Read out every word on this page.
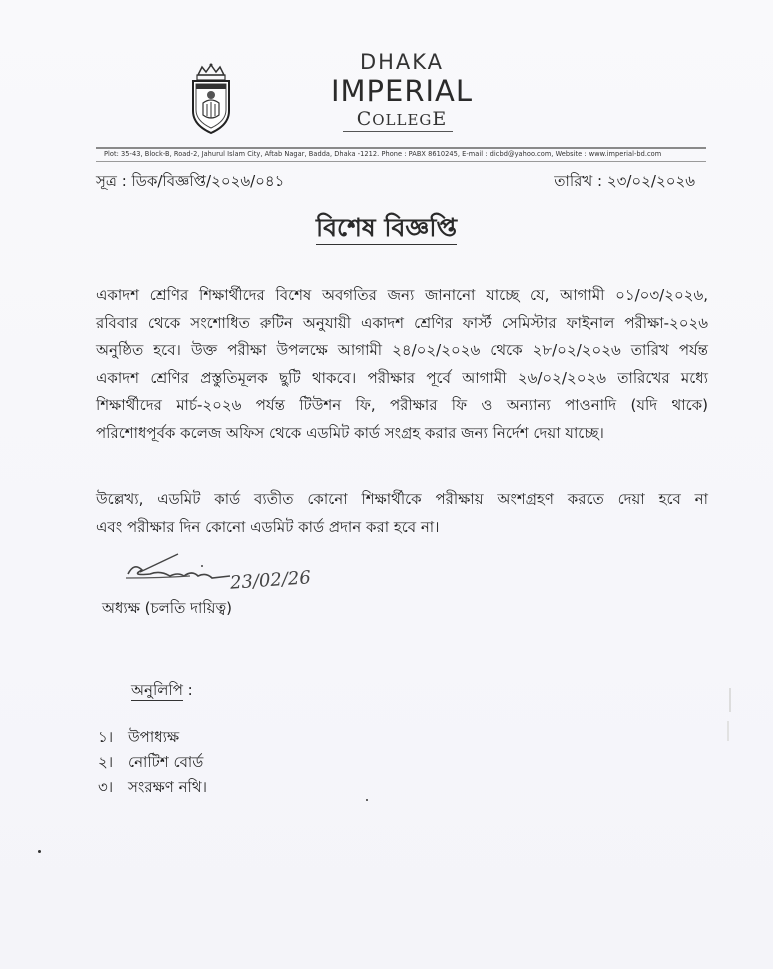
DHAKA
IMPERIAL
COLLEGE
Plot: 35-43, Block-B, Road-2, Jahurul Islam City, Aftab Nagar, Badda, Dhaka -1212. Phone : PABX 8610245, E-mail : dicbd@yahoo.com, Website : www.imperial-bd.com
সূত্র : ডিক/বিজ্ঞপ্তি/২০২৬/০৪১	তারিখ : ২৩/০২/২০২৬
বিশেষ বিজ্ঞপ্তি
একাদশ শ্রেণির শিক্ষার্থীদের বিশেষ অবগতির জন্য জানানো যাচ্ছে যে, আগামী ০১/০৩/২০২৬,
রবিবার থেকে সংশোধিত রুটিন অনুযায়ী একাদশ শ্রেণির ফার্স্ট সেমিস্টার ফাইনাল পরীক্ষা-২০২৬
অনুষ্ঠিত হবে। উক্ত পরীক্ষা উপলক্ষে আগামী ২৪/০২/২০২৬ থেকে ২৮/০২/২০২৬ তারিখ পর্যন্ত
একাদশ শ্রেণির প্রস্তুতিমূলক ছুটি থাকবে। পরীক্ষার পূর্বে আগামী ২৬/০২/২০২৬ তারিখের মধ্যে
শিক্ষার্থীদের মার্চ-২০২৬ পর্যন্ত টিউশন ফি, পরীক্ষার ফি ও অন্যান্য পাওনাদি (যদি থাকে)
পরিশোধপূর্বক কলেজ অফিস থেকে এডমিট কার্ড সংগ্রহ করার জন্য নির্দেশ দেয়া যাচ্ছে।
উল্লেখ্য, এডমিট কার্ড ব্যতীত কোনো শিক্ষার্থীকে পরীক্ষায় অংশগ্রহণ করতে দেয়া হবে না
এবং পরীক্ষার দিন কোনো এডমিট কার্ড প্রদান করা হবে না।
23/02/26
অধ্যক্ষ (চলতি দায়িত্ব)
অনুলিপি :
১। উপাধ্যক্ষ
২। নোটিশ বোর্ড
৩। সংরক্ষণ নথি।
